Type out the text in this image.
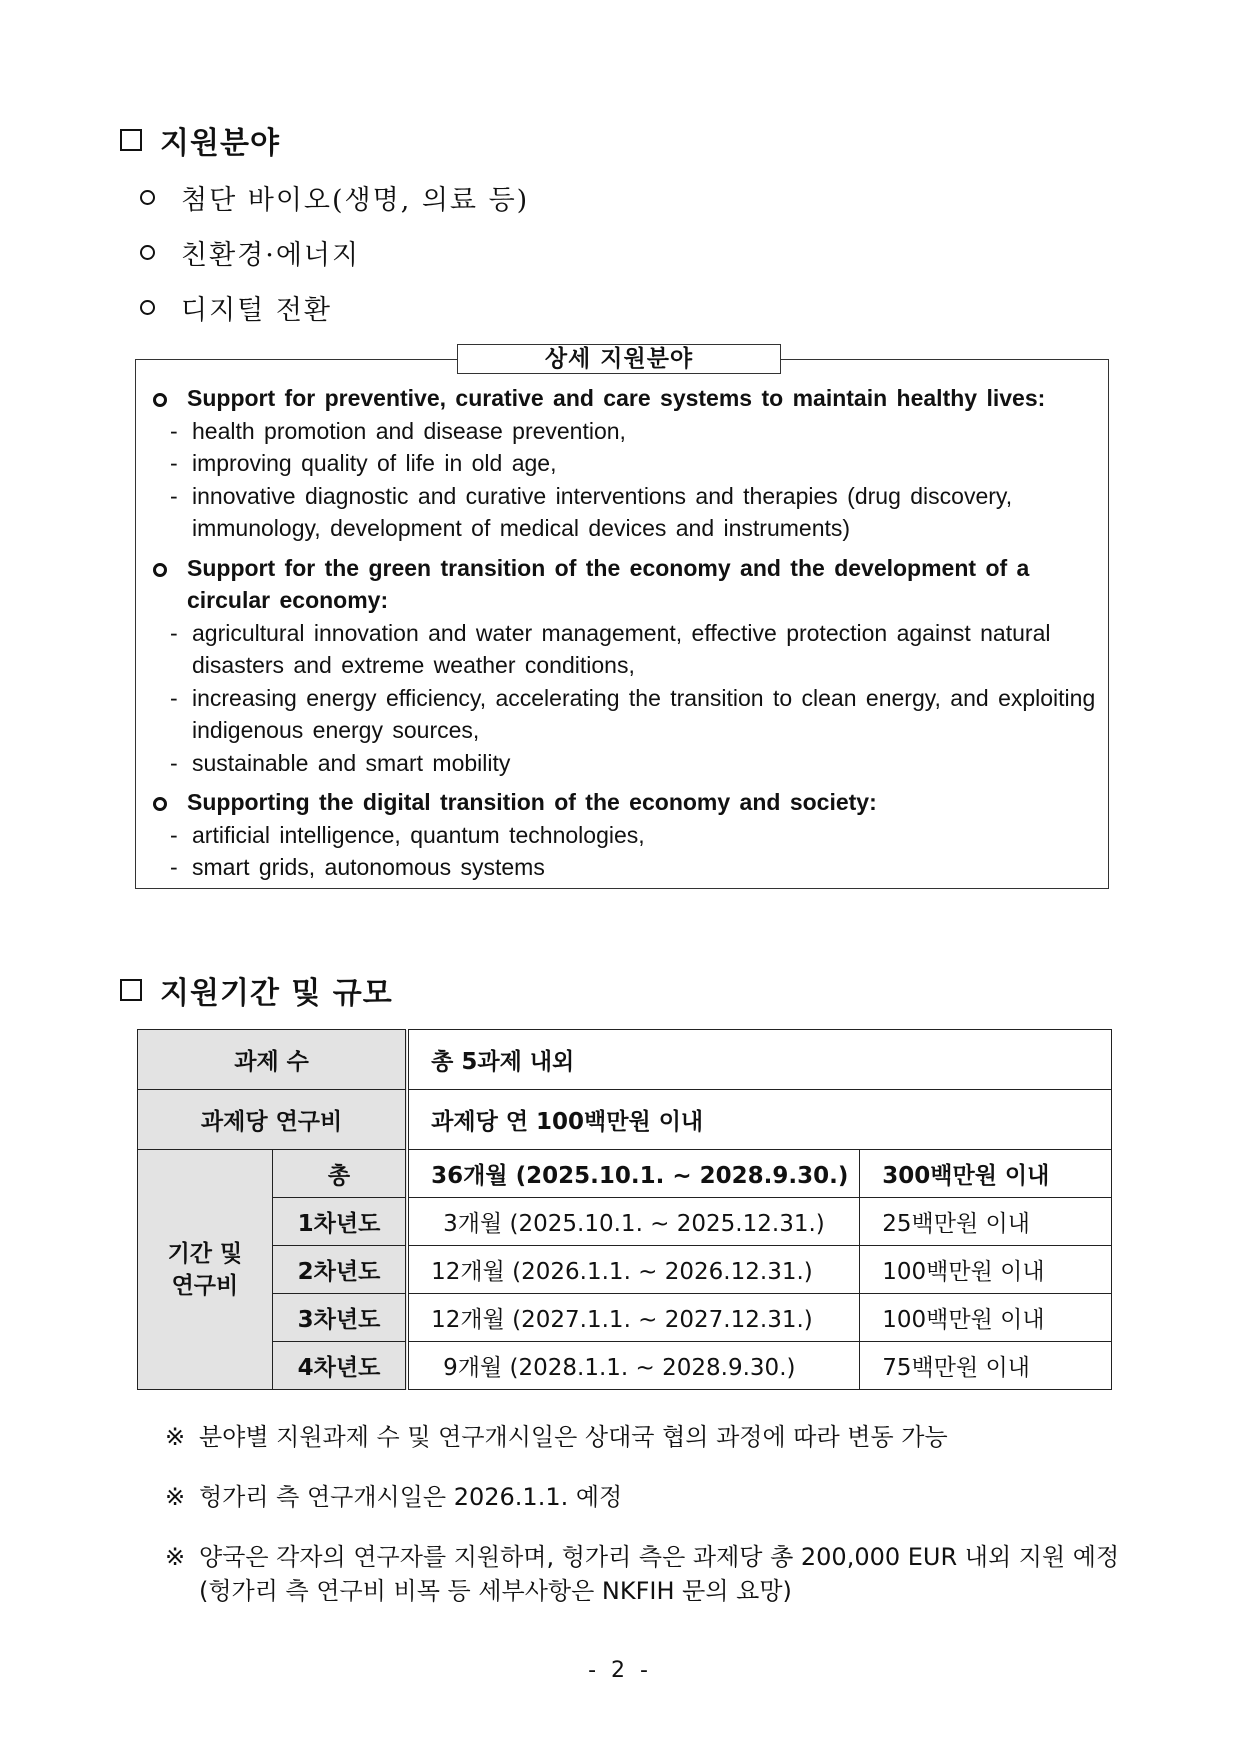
지원분야
첨단 바이오(생명, 의료 등)
친환경·에너지
디지털 전환
상세 지원분야
Support for preventive, curative and care systems to maintain healthy lives:
- health promotion and disease prevention,
- improving quality of life in old age,
- innovative diagnostic and curative interventions and therapies (drug discovery, immunology, development of medical devices and instruments)
Support for the green transition of the economy and the development of a circular economy:
- agricultural innovation and water management, effective protection against natural disasters and extreme weather conditions,
- increasing energy efficiency, accelerating the transition to clean energy, and exploiting indigenous energy sources,
- sustainable and smart mobility
Supporting the digital transition of the economy and society:
- artificial intelligence, quantum technologies,
- smart grids, autonomous systems
지원기간 및 규모
과제 수		총 5과제 내외	
과제당 연구비		과제당 연 100백만원 이내	
기간 및
연구비	총	36개월 (2025.10.1. ~ 2028.9.30.)	300백만원 이내
	1차년도	3개월 (2025.10.1. ~ 2025.12.31.)	25백만원 이내
	2차년도	12개월 (2026.1.1. ~ 2026.12.31.)	100백만원 이내
	3차년도	12개월 (2027.1.1. ~ 2027.12.31.)	100백만원 이내
	4차년도	9개월 (2028.1.1. ~ 2028.9.30.)	75백만원 이내
※ 분야별 지원과제 수 및 연구개시일은 상대국 협의 과정에 따라 변동 가능
※ 헝가리 측 연구개시일은 2026.1.1. 예정
※ 양국은 각자의 연구자를 지원하며, 헝가리 측은 과제당 총 200,000 EUR 내외 지원 예정 (헝가리 측 연구비 비목 등 세부사항은 NKFIH 문의 요망)
- 2 -
